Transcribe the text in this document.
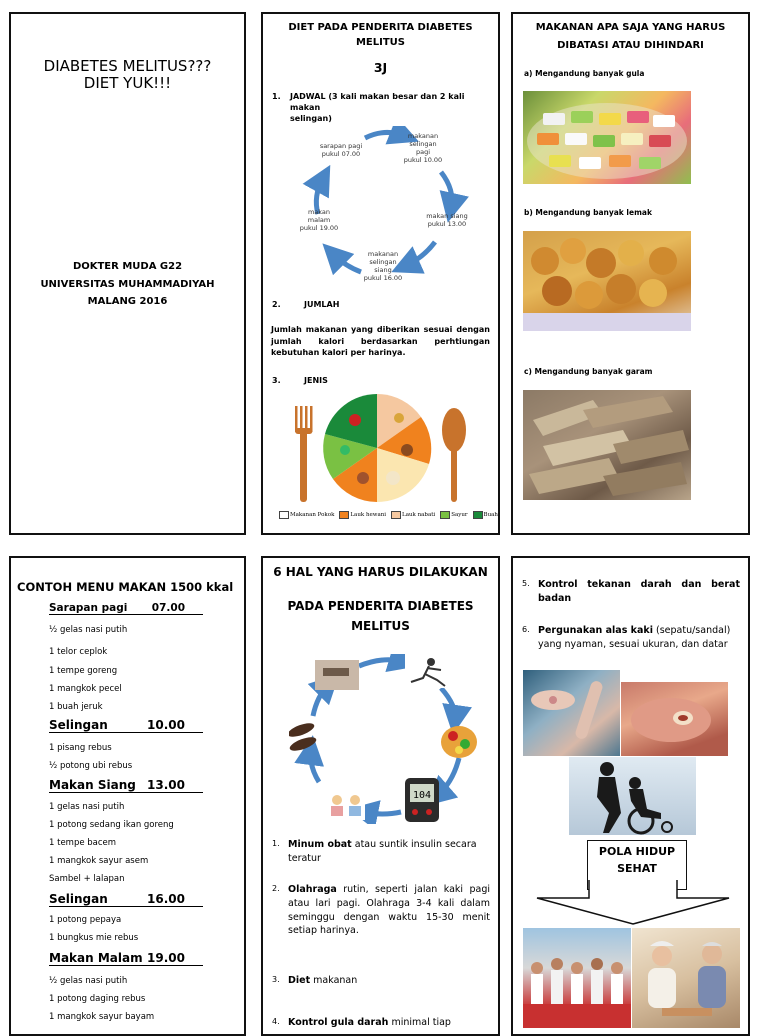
DIABETES MELITUS???
DIET YUK!!!
DOKTER MUDA G22
UNIVERSITAS MUHAMMADIYAH
MALANG 2016
DIET PADA PENDERITA DIABETES
MELITUS
3J
1. JADWAL (3 kali makan besar dan 2 kali makan
selingan)
sarapan pagi
pukul 07.00
makanan
selingan
pagi
pukul 10.00
makan siang
pukul 13.00
makanan
selingan
siang
pukul 16.00
makan
malam
pukul 19.00
2.	JUMLAH
Jumlah makanan yang diberikan sesuai dengan jumlah kalori berdasarkan perhtiungan kebutuhan kalori per harinya.
3.	JENIS
Makanan Pokok	Lauk hewani	Lauk nabati	Sayur	Buah
MAKANAN APA SAJA YANG HARUS
DIBATASI ATAU DIHINDARI
a) Mengandung banyak gula
b) Mengandung banyak lemak
c) Mengandung banyak garam
CONTOH MENU MAKAN 1500 kkal
Sarapan pagi 07.00
½ gelas nasi putih
1 telor ceplok
1 tempe goreng
1 mangkok pecel
1 buah jeruk
Selingan	10.00
1 pisang rebus
½ potong ubi rebus
Makan Siang 13.00
1 gelas nasi putih
1 potong sedang ikan goreng
1 tempe bacem
1 mangkok sayur asem
Sambel + lalapan
Selingan	16.00
1 potong pepaya
1 bungkus mie rebus
Makan Malam 19.00
½ gelas nasi putih
1 potong daging rebus
1 mangkok sayur bayam
6 HAL YANG HARUS DILAKUKAN
PADA PENDERITA DIABETES
MELITUS
104
1. Minum obat atau suntik insulin secara teratur
2. Olahraga rutin, seperti jalan kaki pagi atau lari pagi. Olahraga 3-4 kali dalam seminggu dengan waktu 15-30 menit setiap harinya.
3. Diet makanan
4. Kontrol gula darah minimal tiap
5. Kontrol tekanan darah dan berat badan
6. Pergunakan alas kaki (sepatu/sandal) yang nyaman, sesuai ukuran, dan datar
POLA HIDUP
SEHAT
